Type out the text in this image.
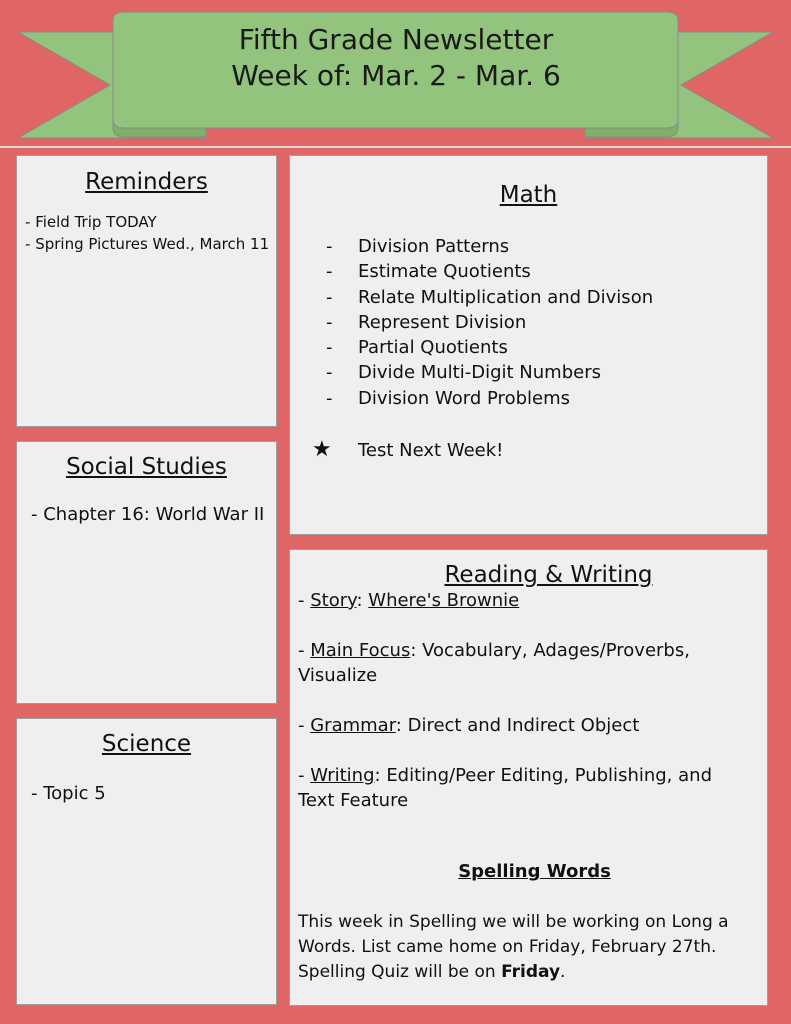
Fifth Grade Newsletter
Week of: Mar. 2 - Mar. 6
Reminders
- Field Trip TODAY
- Spring Pictures Wed., March 11
Social Studies
- Chapter 16: World War II
Science
- Topic 5
Math
- Division Patterns
- Estimate Quotients
- Relate Multiplication and Divison
- Represent Division
- Partial Quotients
- Divide Multi-Digit Numbers
- Division Word Problems
★ Test Next Week!
Reading & Writing
- Story: Where's Brownie
- Main Focus: Vocabulary, Adages/Proverbs, Visualize
- Grammar: Direct and Indirect Object
- Writing: Editing/Peer Editing, Publishing, and Text Feature
Spelling Words
This week in Spelling we will be working on Long a Words. List came home on Friday, February 27th. Spelling Quiz will be on Friday.
